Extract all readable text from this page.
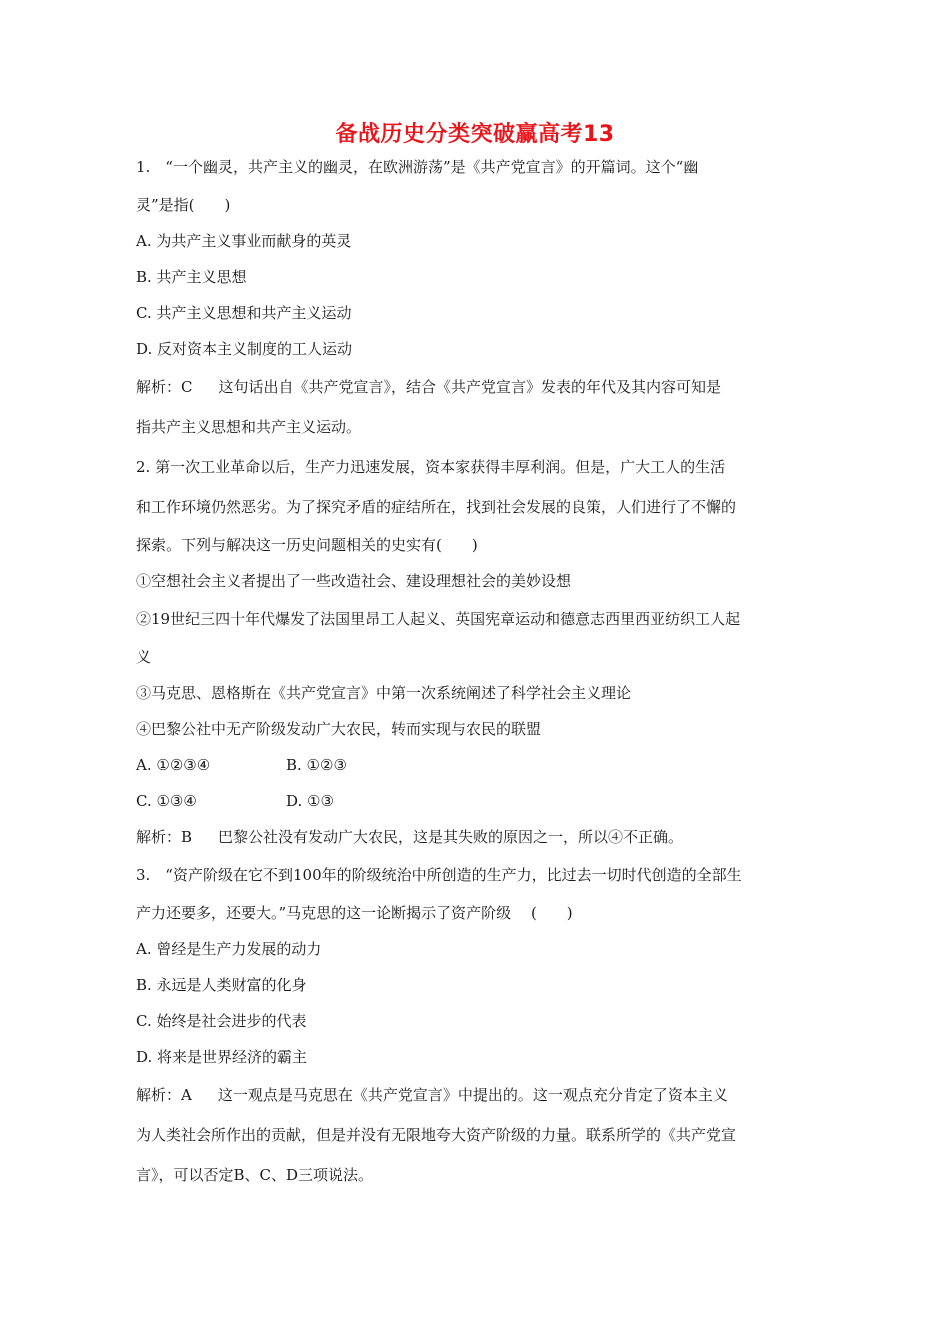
备战历史分类突破赢高考13
1.　“一个幽灵，共产主义的幽灵，在欧洲游荡”是《共产党宣言》的开篇词。这个“幽
灵”是指(　　)
A. 为共产主义事业而献身的英灵
B. 共产主义思想
C. 共产主义思想和共产主义运动
D. 反对资本主义制度的工人运动
解析：C 这句话出自《共产党宣言》，结合《共产党宣言》发表的年代及其内容可知是
指共产主义思想和共产主义运动。
2. 第一次工业革命以后，生产力迅速发展，资本家获得丰厚利润。但是，广大工人的生活
和工作环境仍然恶劣。为了探究矛盾的症结所在，找到社会发展的良策，人们进行了不懈的
探索。下列与解决这一历史问题相关的史实有(　　)
①空想社会主义者提出了一些改造社会、建设理想社会的美妙设想
②19世纪三四十年代爆发了法国里昂工人起义、英国宪章运动和德意志西里西亚纺织工人起
义
③马克思、恩格斯在《共产党宣言》中第一次系统阐述了科学社会主义理论
④巴黎公社中无产阶级发动广大农民，转而实现与农民的联盟
A. ①②③④	B. ①②③
C. ①③④	D. ①③
解析：B 巴黎公社没有发动广大农民，这是其失败的原因之一，所以④不正确。
3.　“资产阶级在它不到100年的阶级统治中所创造的生产力，比过去一切时代创造的全部生
产力还要多，还要大。”马克思的这一论断揭示了资产阶级　 (　　)
A. 曾经是生产力发展的动力
B. 永远是人类财富的化身
C. 始终是社会进步的代表
D. 将来是世界经济的霸主
解析：A 这一观点是马克思在《共产党宣言》中提出的。这一观点充分肯定了资本主义
为人类社会所作出的贡献，但是并没有无限地夸大资产阶级的力量。联系所学的《共产党宣
言》，可以否定B、C、D三项说法。
